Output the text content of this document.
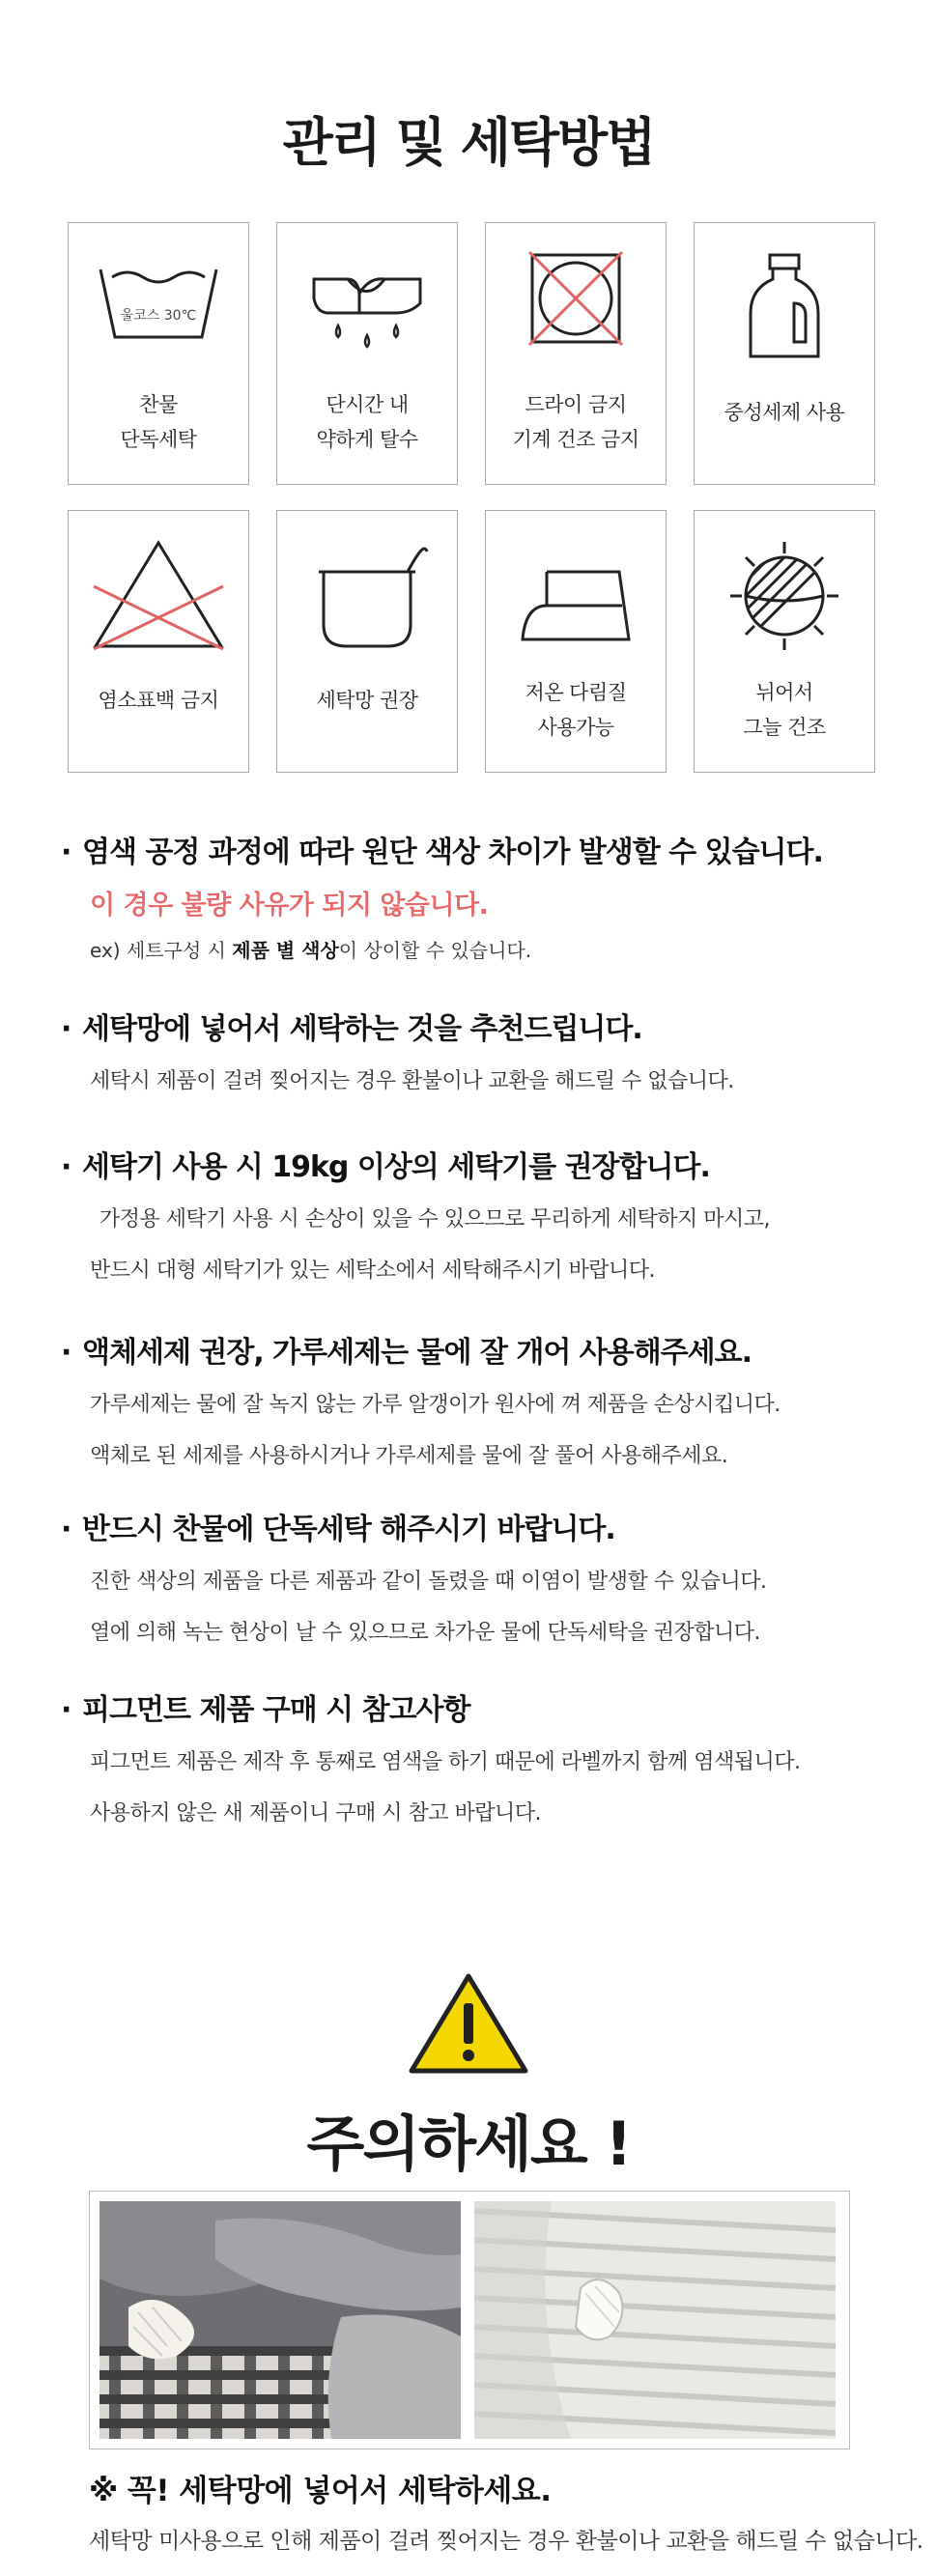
관리 및 세탁방법
울코스 30℃
찬물
단독세탁
단시간 내
약하게 탈수
드라이 금지
기계 건조 금지
중성세제 사용
염소표백 금지	세탁망 권장	저온 다림질
사용가능
뉘어서
그늘 건조
· 염색 공정 과정에 따라 원단 색상 차이가 발생할 수 있습니다.
이 경우 불량 사유가 되지 않습니다.
ex) 세트구성 시 제품 별 색상이 상이할 수 있습니다.
· 세탁망에 넣어서 세탁하는 것을 추천드립니다.
세탁시 제품이 걸려 찢어지는 경우 환불이나 교환을 해드릴 수 없습니다.
· 세탁기 사용 시 19kg 이상의 세탁기를 권장합니다.
가정용 세탁기 사용 시 손상이 있을 수 있으므로 무리하게 세탁하지 마시고,
반드시 대형 세탁기가 있는 세탁소에서 세탁해주시기 바랍니다.
· 액체세제 권장, 가루세제는 물에 잘 개어 사용해주세요.
가루세제는 물에 잘 녹지 않는 가루 알갱이가 원사에 껴 제품을 손상시킵니다.
액체로 된 세제를 사용하시거나 가루세제를 물에 잘 풀어 사용해주세요.
· 반드시 찬물에 단독세탁 해주시기 바랍니다.
진한 색상의 제품을 다른 제품과 같이 돌렸을 때 이염이 발생할 수 있습니다.
열에 의해 녹는 현상이 날 수 있으므로 차가운 물에 단독세탁을 권장합니다.
· 피그먼트 제품 구매 시 참고사항
피그먼트 제품은 제작 후 통째로 염색을 하기 때문에 라벨까지 함께 염색됩니다.
사용하지 않은 새 제품이니 구매 시 참고 바랍니다.
주의하세요 !
※ 꼭! 세탁망에 넣어서 세탁하세요.
세탁망 미사용으로 인해 제품이 걸려 찢어지는 경우 환불이나 교환을 해드릴 수 없습니다.
